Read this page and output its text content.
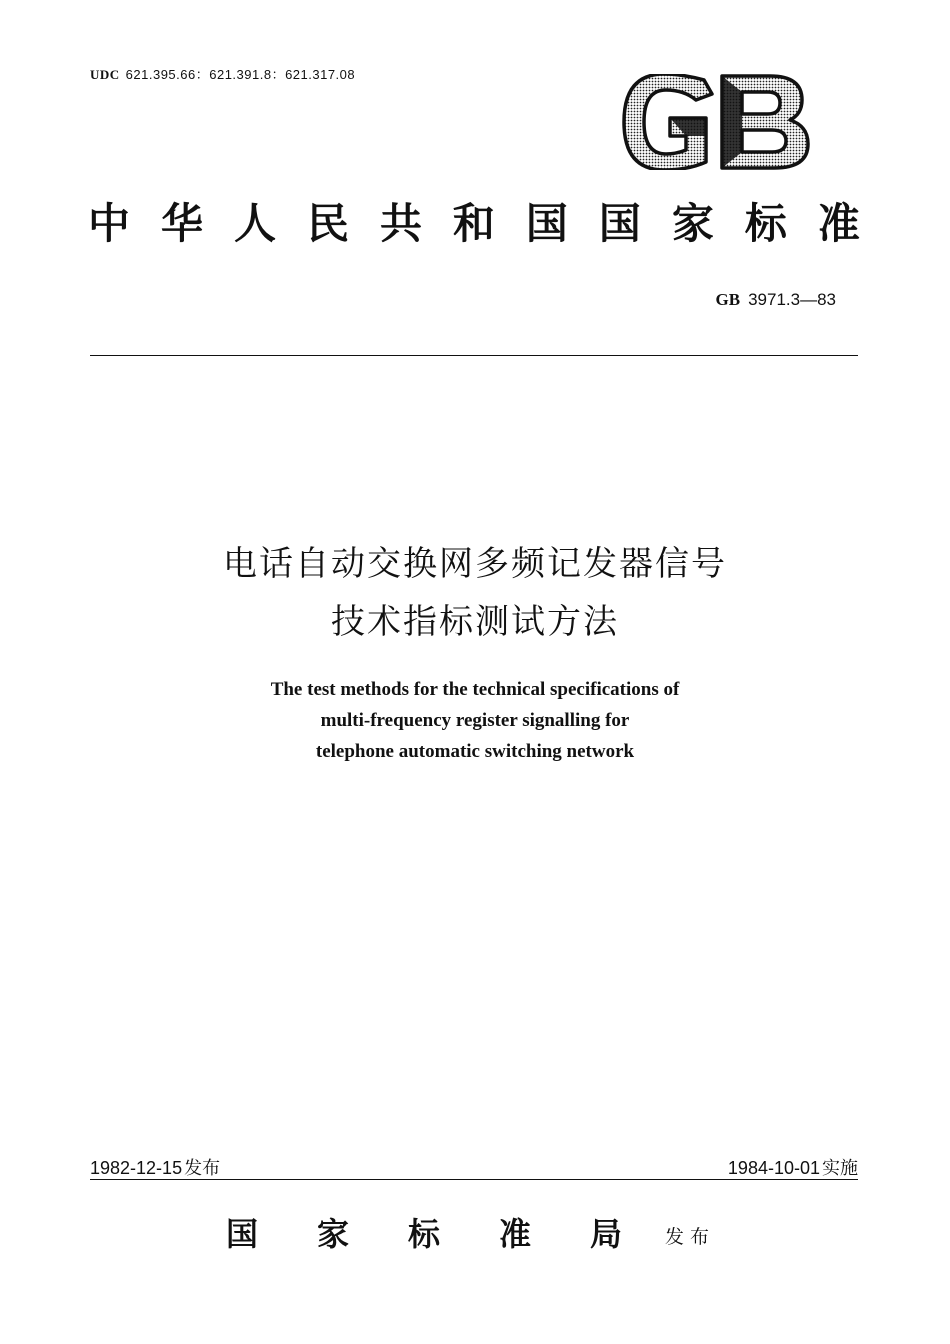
UDC 621.395.66：621.391.8：621.317.08
中 华 人 民 共 和 国 国 家 标 准
GB 3971.3—83
电话自动交换网多频记发器信号
技术指标测试方法
The test methods for the technical specifications of
multi-frequency register signalling for
telephone automatic switching network
1982-12-15 发布	1984-10-01 实施
国 家 标 准 局 发布
